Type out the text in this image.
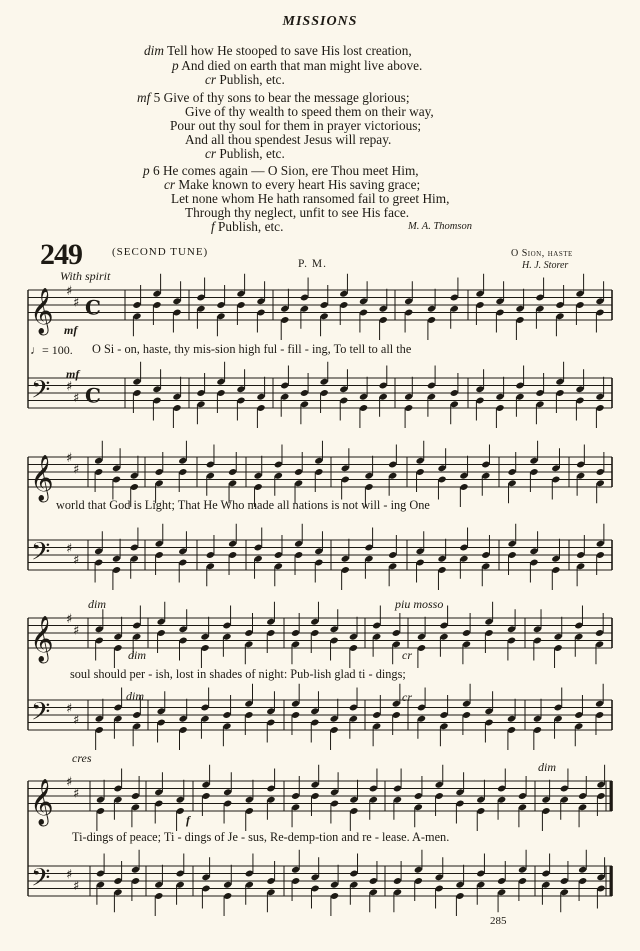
MISSIONS
dim Tell how He stooped to save His lost creation,
p And died on earth that man might live above.
cr Publish, etc.
mf 5 Give of thy sons to bear the message glorious;
Give of thy wealth to speed them on their way,
Pour out thy soul for them in prayer victorious;
And all thou spendest Jesus will repay.
cr Publish, etc.
p 6 He comes again — O Sion, ere Thou meet Him,
cr Make known to every heart His saving grace;
Let none whom He hath ransomed fail to greet Him,
Through thy neglect, unfit to see His face.
f Publish, etc.	M. A. Thomson
249	(SECOND TUNE)
P. M.
O Sion, haste
H. J. Storer
With spirit
mf
♩= 100.
mf
dim
dim
piu mosso
cr
dim	cr
cres
f
dim
O Si - on, haste, thy mis-sion high ful - fill - ing, To tell to all the
world that God is Light; That He Who made all nations is not will - ing One
soul should per - ish, lost in shades of night: Pub-lish glad ti - dings;
Ti-dings of peace; Ti - dings of Je - sus, Re-demp-tion and re - lease. A-men.
285
𝄞
𝄢
♯
♯
♯
♯
C
C
𝄞
𝄢
♯
♯
♯
♯
𝄞
𝄢
♯
♯
♯
♯
𝄞
𝄢
♯
♯
♯
♯
